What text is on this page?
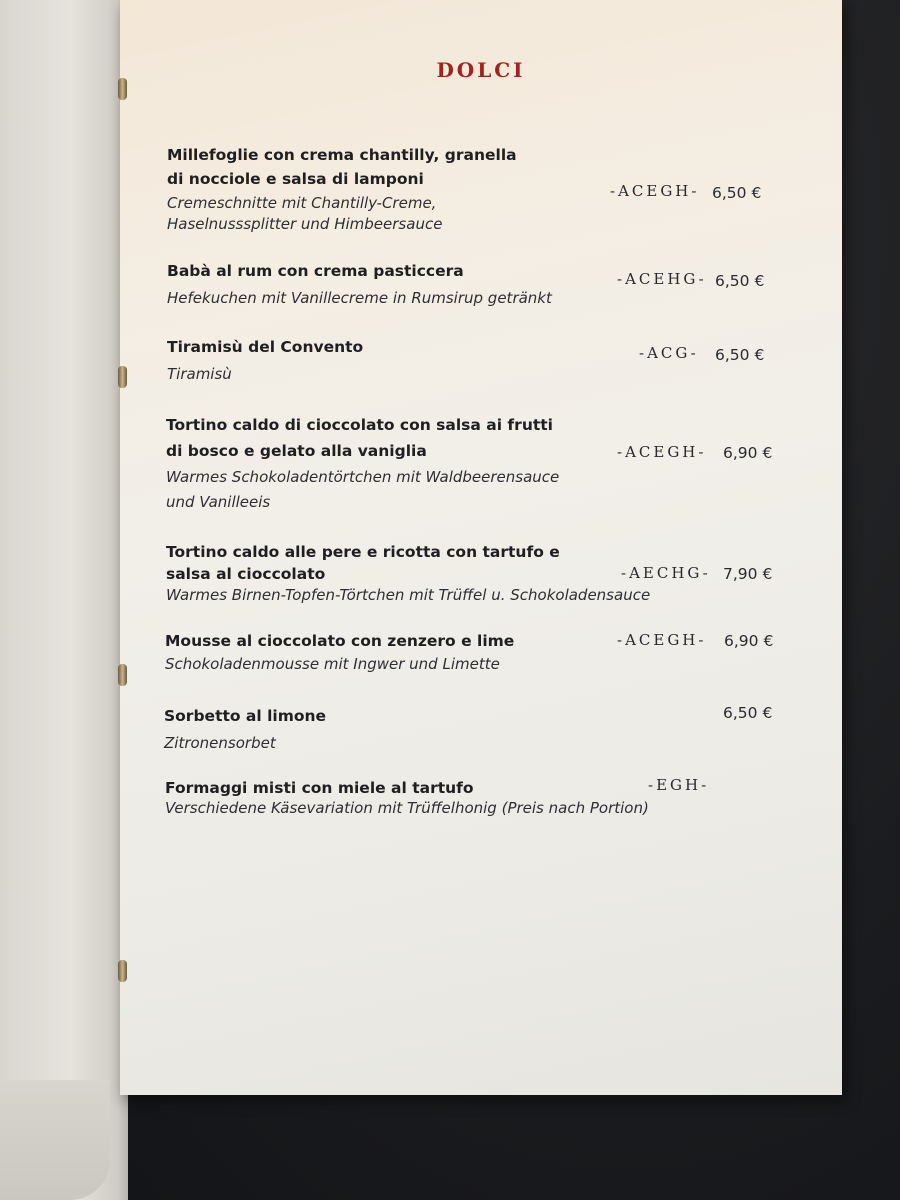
DOLCI
Millefoglie con crema chantilly, granella
di nocciole e salsa di lamponi
Cremeschnitte mit Chantilly-Creme,
Haselnusssplitter und Himbeersauce
-ACEGH- 6,50 €
Babà al rum con crema pasticcera
Hefekuchen mit Vanillecreme in Rumsirup getränkt
-ACEHG- 6,50 €
Tiramisù del Convento
Tiramisù
-ACG- 6,50 €
Tortino caldo di cioccolato con salsa ai frutti
di bosco e gelato alla vaniglia
Warmes Schokoladentörtchen mit Waldbeerensauce
und Vanilleeis
-ACEGH- 6,90 €
Tortino caldo alle pere e ricotta con tartufo e
salsa al cioccolato
Warmes Birnen-Topfen-Törtchen mit Trüffel u. Schokoladensauce
-AECHG- 7,90 €
Mousse al cioccolato con zenzero e lime
Schokoladenmousse mit Ingwer und Limette
-ACEGH- 6,90 €
Sorbetto al limone
Zitronensorbet
6,50 €
Formaggi misti con miele al tartufo
Verschiedene Käsevariation mit Trüffelhonig (Preis nach Portion)
-EGH-
